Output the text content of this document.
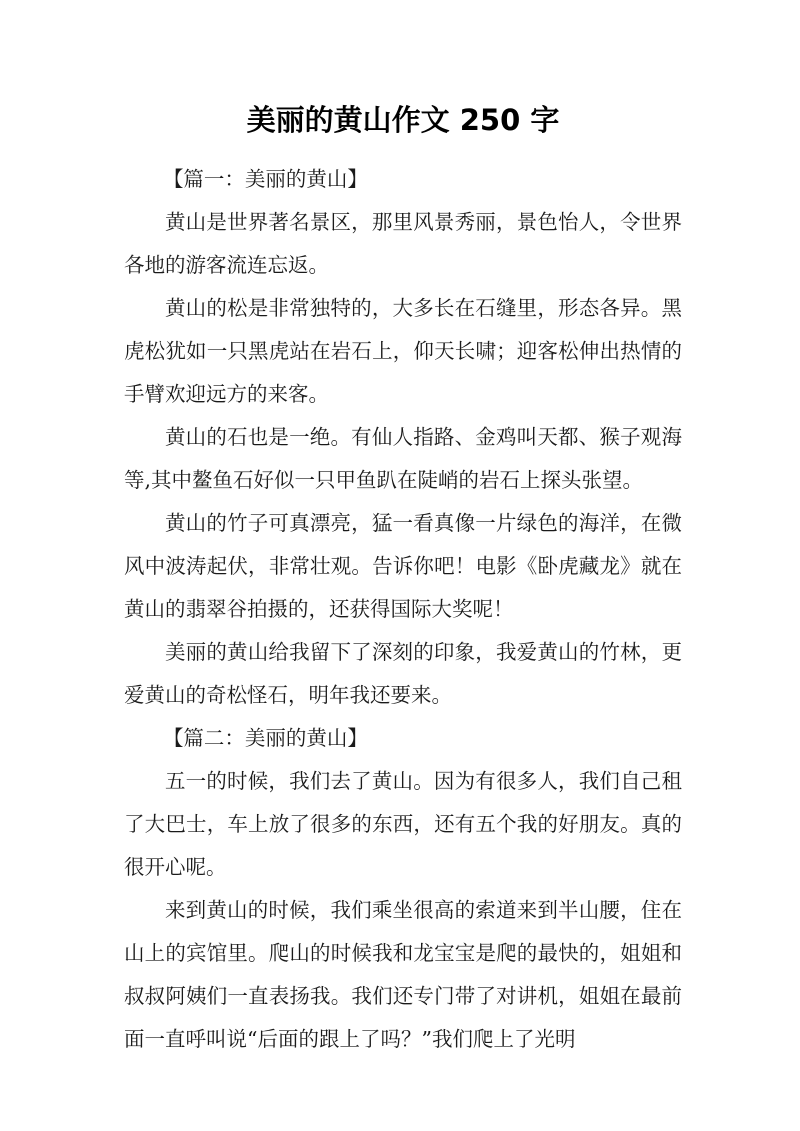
美丽的黄山作文 250 字

【篇一：美丽的黄山】

黄山是世界著名景区，那里风景秀丽，景色怡人，令世界各地的游客流连忘返。

黄山的松是非常独特的，大多长在石缝里，形态各异。黑虎松犹如一只黑虎站在岩石上，仰天长啸；迎客松伸出热情的手臂欢迎远方的来客。

黄山的石也是一绝。有仙人指路、金鸡叫天都、猴子观海等,其中鳌鱼石好似一只甲鱼趴在陡峭的岩石上探头张望。

黄山的竹子可真漂亮，猛一看真像一片绿色的海洋，在微风中波涛起伏，非常壮观。告诉你吧！电影《卧虎藏龙》就在黄山的翡翠谷拍摄的，还获得国际大奖呢！

美丽的黄山给我留下了深刻的印象，我爱黄山的竹林，更爱黄山的奇松怪石，明年我还要来。

【篇二：美丽的黄山】

五一的时候，我们去了黄山。因为有很多人，我们自己租了大巴士，车上放了很多的东西，还有五个我的好朋友。真的很开心呢。

来到黄山的时候，我们乘坐很高的索道来到半山腰，住在山上的宾馆里。爬山的时候我和龙宝宝是爬的最快的，姐姐和叔叔阿姨们一直表扬我。我们还专门带了对讲机，姐姐在最前面一直呼叫说“后面的跟上了吗？”我们爬上了光明
